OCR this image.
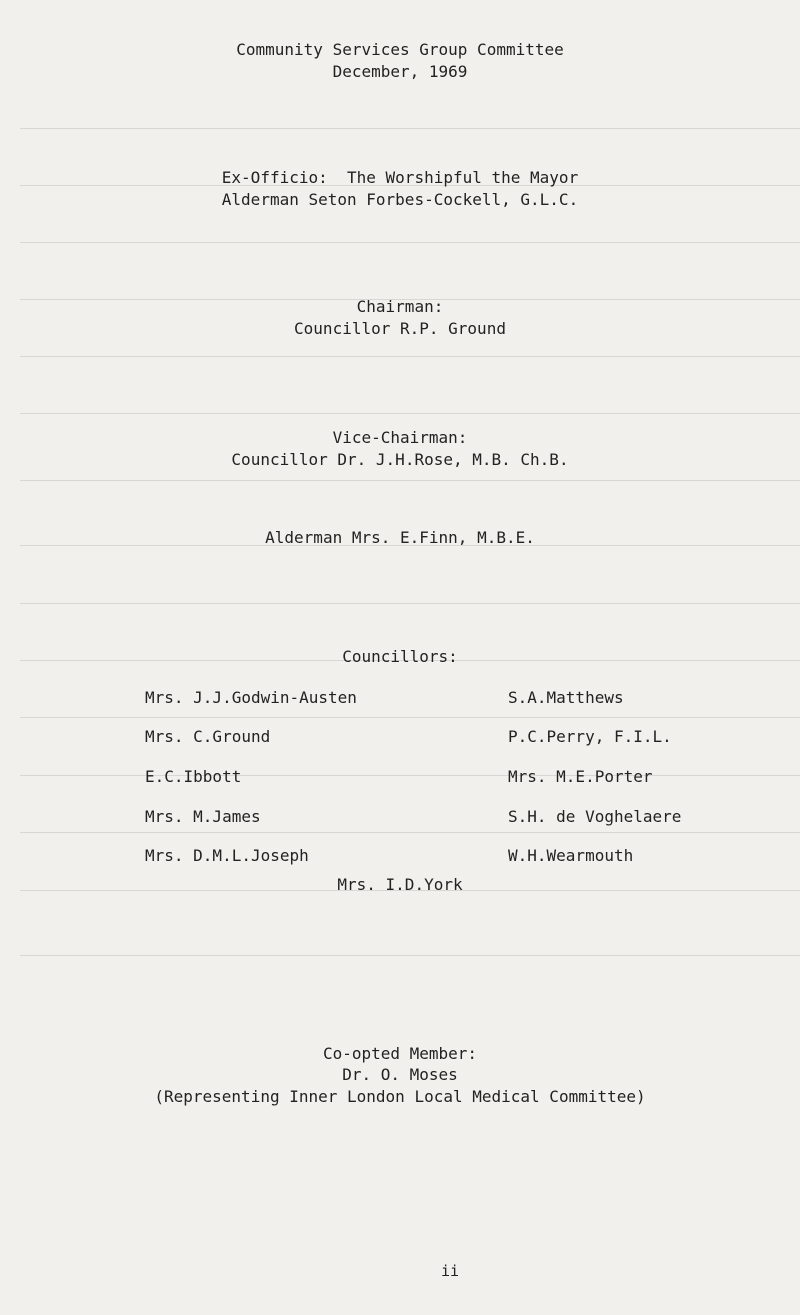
Community Services Group Committee
December, 1969
Ex-Officio:  The Worshipful the Mayor
Alderman Seton Forbes-Cockell, G.L.C.
Chairman:
Councillor R.P. Ground
Vice-Chairman:
Councillor Dr. J.H.Rose, M.B. Ch.B.
Alderman Mrs. E.Finn, M.B.E.
Councillors:
Mrs. J.J.Godwin-Austen
Mrs. C.Ground
E.C.Ibbott
Mrs. M.James
Mrs. D.M.L.Joseph
S.A.Matthews
P.C.Perry, F.I.L.
Mrs. M.E.Porter
S.H. de Voghelaere
W.H.Wearmouth
Mrs. I.D.York
Co-opted Member:
Dr. O. Moses
(Representing Inner London Local Medical Committee)
ii
